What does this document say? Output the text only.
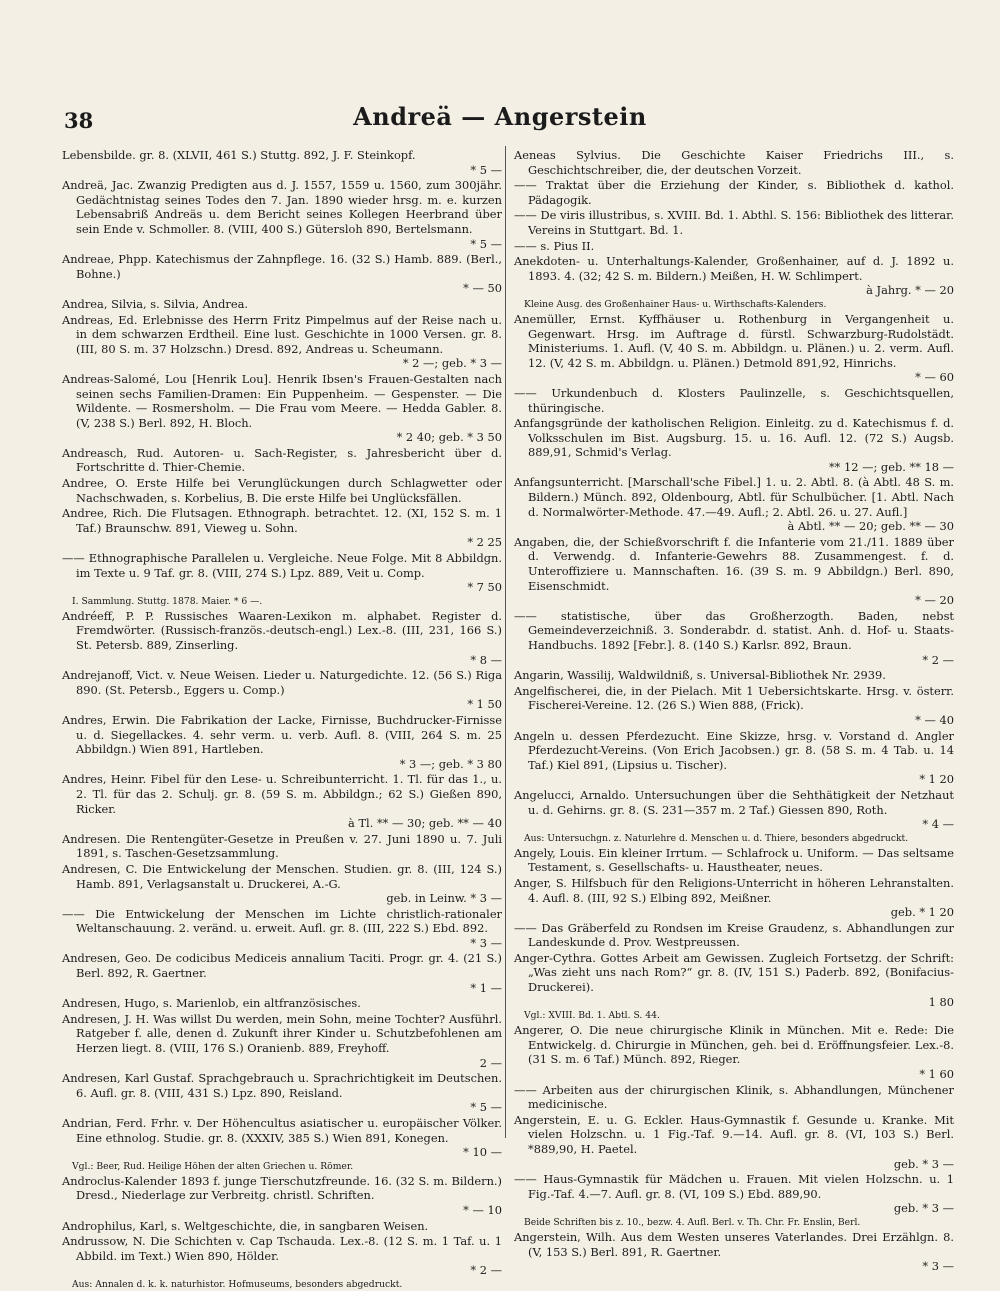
38	Andreä — Angerstein
Lebensbilde. gr. 8. (XLVII, 461 S.) Stuttg. 892, J. F. Steinkopf.
* 5 —
Andreä, Jac. Zwanzig Predigten aus d. J. 1557, 1559 u. 1560, zum 300jähr. Gedächtnistag seines Todes den 7. Jan. 1890 wieder hrsg. m. e. kurzen Lebensabriß Andreäs u. dem Bericht seines Kollegen Heerbrand über sein Ende v. Schmoller. 8. (VIII, 400 S.) Gütersloh 890, Bertelsmann.
* 5 —
Andreae, Phpp. Katechismus der Zahnpflege. 16. (32 S.) Hamb. 889. (Berl., Bohne.)
* — 50
Andrea, Silvia, s. Silvia, Andrea.
Andreas, Ed. Erlebnisse des Herrn Fritz Pimpelmus auf der Reise nach u. in dem schwarzen Erdtheil. Eine lust. Geschichte in 1000 Versen. gr. 8. (III, 80 S. m. 37 Holzschn.) Dresd. 892, Andreas u. Scheumann.
* 2 —; geb. * 3 —
Andreas-Salomé, Lou [Henrik Lou]. Henrik Ibsen's Frauen-Gestalten nach seinen sechs Familien-Dramen: Ein Puppenheim. — Gespenster. — Die Wildente. — Rosmersholm. — Die Frau vom Meere. — Hedda Gabler. 8. (V, 238 S.) Berl. 892, H. Bloch.
* 2 40; geb. * 3 50
Andreasch, Rud. Autoren- u. Sach-Register, s. Jahresbericht über d. Fortschritte d. Thier-Chemie.
Andree, O. Erste Hilfe bei Verunglückungen durch Schlagwetter oder Nachschwaden, s. Korbelius, B. Die erste Hilfe bei Unglücksfällen.
Andree, Rich. Die Flutsagen. Ethnograph. betrachtet. 12. (XI, 152 S. m. 1 Taf.) Braunschw. 891, Vieweg u. Sohn.
* 2 25
—— Ethnographische Parallelen u. Vergleiche. Neue Folge. Mit 8 Abbildgn. im Texte u. 9 Taf. gr. 8. (VIII, 274 S.) Lpz. 889, Veit u. Comp.
* 7 50
I. Sammlung. Stuttg. 1878. Maier. * 6 —.
Andréeff, P. P. Russisches Waaren-Lexikon m. alphabet. Register d. Fremdwörter. (Russisch-französ.-deutsch-engl.) Lex.-8. (III, 231, 166 S.) St. Petersb. 889, Zinserling.
* 8 —
Andrejanoff, Vict. v. Neue Weisen. Lieder u. Naturgedichte. 12. (56 S.) Riga 890. (St. Petersb., Eggers u. Comp.)
* 1 50
Andres, Erwin. Die Fabrikation der Lacke, Firnisse, Buchdrucker-Firnisse u. d. Siegellackes. 4. sehr verm. u. verb. Aufl. 8. (VIII, 264 S. m. 25 Abbildgn.) Wien 891, Hartleben.
* 3 —; geb. * 3 80
Andres, Heinr. Fibel für den Lese- u. Schreibunterricht. 1. Tl. für das 1., u. 2. Tl. für das 2. Schulj. gr. 8. (59 S. m. Abbildgn.; 62 S.) Gießen 890, Ricker.
à Tl. ** — 30; geb. ** — 40
Andresen. Die Rentengüter-Gesetze in Preußen v. 27. Juni 1890 u. 7. Juli 1891, s. Taschen-Gesetzsammlung.
Andresen, C. Die Entwickelung der Menschen. Studien. gr. 8. (III, 124 S.) Hamb. 891, Verlagsanstalt u. Druckerei, A.-G.
geb. in Leinw. * 3 —
—— Die Entwickelung der Menschen im Lichte christlich-rationaler Weltanschauung. 2. veränd. u. erweit. Aufl. gr. 8. (III, 222 S.) Ebd. 892.
* 3 —
Andresen, Geo. De codicibus Mediceis annalium Taciti. Progr. gr. 4. (21 S.) Berl. 892, R. Gaertner.
* 1 —
Andresen, Hugo, s. Marienlob, ein altfranzösisches.
Andresen, J. H. Was willst Du werden, mein Sohn, meine Tochter? Ausführl. Ratgeber f. alle, denen d. Zukunft ihrer Kinder u. Schutzbefohlenen am Herzen liegt. 8. (VIII, 176 S.) Oranienb. 889, Freyhoff.
2 —
Andresen, Karl Gustaf. Sprachgebrauch u. Sprachrichtigkeit im Deutschen. 6. Aufl. gr. 8. (VIII, 431 S.) Lpz. 890, Reisland.
* 5 —
Andrian, Ferd. Frhr. v. Der Höhencultus asiatischer u. europäischer Völker. Eine ethnolog. Studie. gr. 8. (XXXIV, 385 S.) Wien 891, Konegen.
* 10 —
Vgl.: Beer, Rud. Heilige Höhen der alten Griechen u. Römer.
Androclus-Kalender 1893 f. junge Tierschutzfreunde. 16. (32 S. m. Bildern.) Dresd., Niederlage zur Verbreitg. christl. Schriften.
* — 10
Androphilus, Karl, s. Weltgeschichte, die, in sangbaren Weisen.
Andrussow, N. Die Schichten v. Cap Tschauda. Lex.-8. (12 S. m. 1 Taf. u. 1 Abbild. im Text.) Wien 890, Hölder.
* 2 —
Aus: Annalen d. k. k. naturhistor. Hofmuseums, besonders abgedruckt.
Aeneas Sylvius. Die Geschichte Kaiser Friedrichs III., s. Geschichtschreiber, die, der deutschen Vorzeit.
—— Traktat über die Erziehung der Kinder, s. Bibliothek d. kathol. Pädagogik.
—— De viris illustribus, s. XVIII. Bd. 1. Abthl. S. 156: Bibliothek des litterar. Vereins in Stuttgart. Bd. 1.
—— s. Pius II.
Anekdoten- u. Unterhaltungs-Kalender, Großenhainer, auf d. J. 1892 u. 1893. 4. (32; 42 S. m. Bildern.) Meißen, H. W. Schlimpert.
à Jahrg. * — 20
Kleine Ausg. des Großenhainer Haus- u. Wirthschafts-Kalenders.
Anemüller, Ernst. Kyffhäuser u. Rothenburg in Vergangenheit u. Gegenwart. Hrsg. im Auftrage d. fürstl. Schwarzburg-Rudolstädt. Ministeriums. 1. Aufl. (V, 40 S. m. Abbildgn. u. Plänen.) u. 2. verm. Aufl. 12. (V, 42 S. m. Abbildgn. u. Plänen.) Detmold 891,92, Hinrichs.
* — 60
—— Urkundenbuch d. Klosters Paulinzelle, s. Geschichtsquellen, thüringische.
Anfangsgründe der katholischen Religion. Einleitg. zu d. Katechismus f. d. Volksschulen im Bist. Augsburg. 15. u. 16. Aufl. 12. (72 S.) Augsb. 889,91, Schmid's Verlag.
** 12 —; geb. ** 18 —
Anfangsunterricht. [Marschall'sche Fibel.] 1. u. 2. Abtl. 8. (à Abtl. 48 S. m. Bildern.) Münch. 892, Oldenbourg, Abtl. für Schulbücher. [1. Abtl. Nach d. Normalwörter-Methode. 47.—49. Aufl.; 2. Abtl. 26. u. 27. Aufl.]
à Abtl. ** — 20; geb. ** — 30
Angaben, die, der Schießvorschrift f. die Infanterie vom 21./11. 1889 über d. Verwendg. d. Infanterie-Gewehrs 88. Zusammengest. f. d. Unteroffiziere u. Mannschaften. 16. (39 S. m. 9 Abbildgn.) Berl. 890, Eisenschmidt.
* — 20
—— statistische, über das Großherzogth. Baden, nebst Gemeindeverzeichniß. 3. Sonderabdr. d. statist. Anh. d. Hof- u. Staats-Handbuchs. 1892 [Febr.]. 8. (140 S.) Karlsr. 892, Braun.
* 2 —
Angarin, Wassilij, Waldwildniß, s. Universal-Bibliothek Nr. 2939.
Angelfischerei, die, in der Pielach. Mit 1 Uebersichtskarte. Hrsg. v. österr. Fischerei-Vereine. 12. (26 S.) Wien 888, (Frick).
* — 40
Angeln u. dessen Pferdezucht. Eine Skizze, hrsg. v. Vorstand d. Angler Pferdezucht-Vereins. (Von Erich Jacobsen.) gr. 8. (58 S. m. 4 Tab. u. 14 Taf.) Kiel 891, (Lipsius u. Tischer).
* 1 20
Angelucci, Arnaldo. Untersuchungen über die Sehthätigkeit der Netzhaut u. d. Gehirns. gr. 8. (S. 231—357 m. 2 Taf.) Giessen 890, Roth.
* 4 —
Aus: Untersuchgn. z. Naturlehre d. Menschen u. d. Thiere, besonders abgedruckt.
Angely, Louis. Ein kleiner Irrtum. — Schlafrock u. Uniform. — Das seltsame Testament, s. Gesellschafts- u. Haustheater, neues.
Anger, S. Hilfsbuch für den Religions-Unterricht in höheren Lehranstalten. 4. Aufl. 8. (III, 92 S.) Elbing 892, Meißner.
geb. * 1 20
—— Das Gräberfeld zu Rondsen im Kreise Graudenz, s. Abhandlungen zur Landeskunde d. Prov. Westpreussen.
Anger-Cythra. Gottes Arbeit am Gewissen. Zugleich Fortsetzg. der Schrift: „Was zieht uns nach Rom?“ gr. 8. (IV, 151 S.) Paderb. 892, (Bonifacius-Druckerei).
1 80
Vgl.: XVIII. Bd. 1. Abtl. S. 44.
Angerer, O. Die neue chirurgische Klinik in München. Mit e. Rede: Die Entwickelg. d. Chirurgie in München, geh. bei d. Eröffnungsfeier. Lex.-8. (31 S. m. 6 Taf.) Münch. 892, Rieger.
* 1 60
—— Arbeiten aus der chirurgischen Klinik, s. Abhandlungen, Münchener medicinische.
Angerstein, E. u. G. Eckler. Haus-Gymnastik f. Gesunde u. Kranke. Mit vielen Holzschn. u. 1 Fig.-Taf. 9.—14. Aufl. gr. 8. (VI, 103 S.) Berl. *889,90, H. Paetel.
geb. * 3 —
—— Haus-Gymnastik für Mädchen u. Frauen. Mit vielen Holzschn. u. 1 Fig.-Taf. 4.—7. Aufl. gr. 8. (VI, 109 S.) Ebd. 889,90.
geb. * 3 —
Beide Schriften bis z. 10., bezw. 4. Aufl. Berl. v. Th. Chr. Fr. Enslin, Berl.
Angerstein, Wilh. Aus dem Westen unseres Vaterlandes. Drei Erzählgn. 8. (V, 153 S.) Berl. 891, R. Gaertner.
* 3 —
